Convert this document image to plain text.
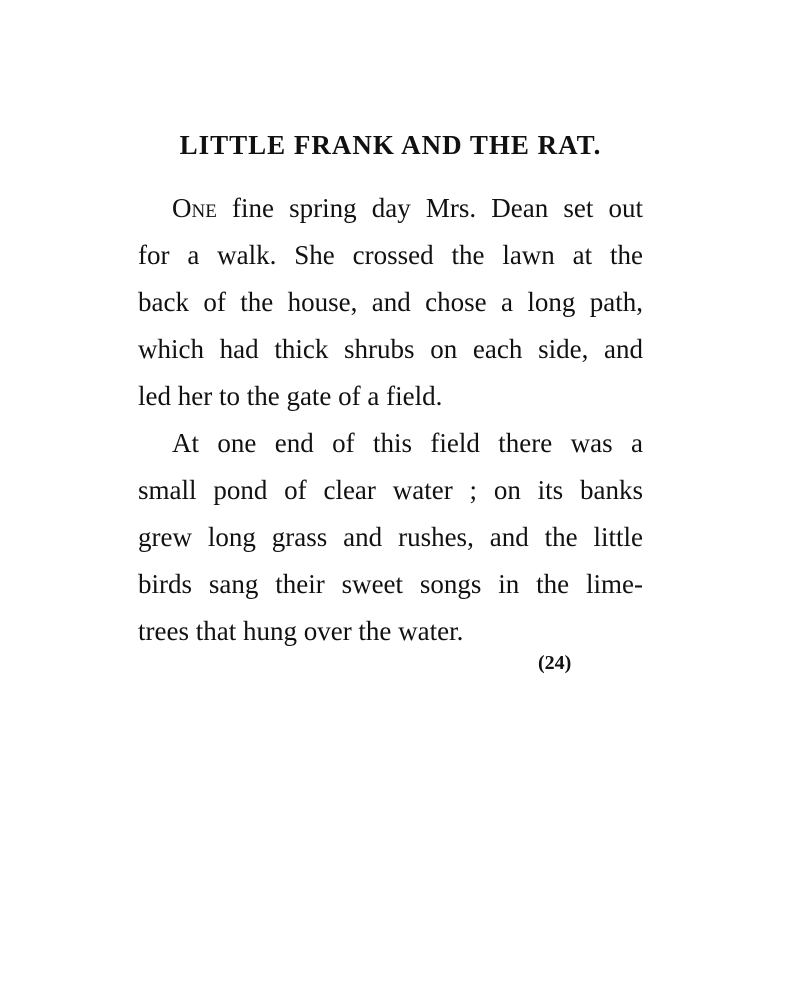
LITTLE FRANK AND THE RAT.
One fine spring day Mrs. Dean set out
for a walk. She crossed the lawn at the
back of the house, and chose a long path,
which had thick shrubs on each side, and
led her to the gate of a field.
At one end of this field there was a
small pond of clear water ; on its banks
grew long grass and rushes, and the little
birds sang their sweet songs in the lime-
trees that hung over the water.
(24)
